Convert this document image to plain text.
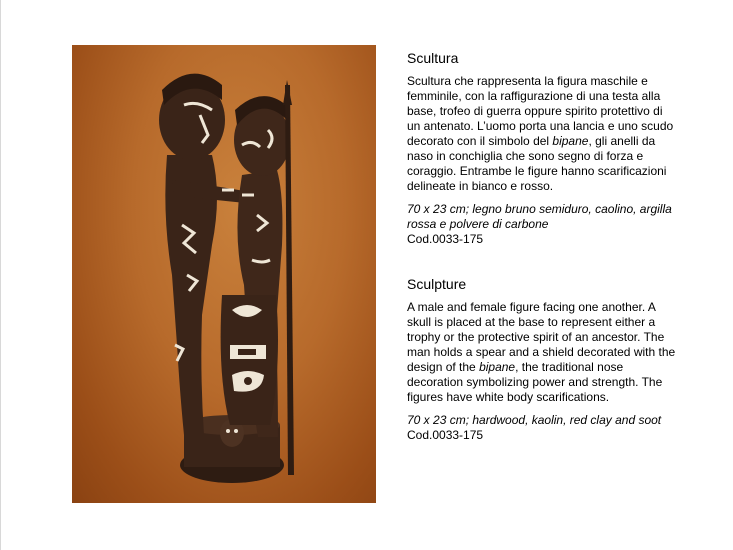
Scultura

Scultura che rappresenta la figura maschile e femminile, con la raffigurazione di una testa alla base, trofeo di guerra oppure spirito protettivo di un antenato. L’uomo porta una lancia e uno scudo decorato con il simbolo del bipane, gli anelli da naso in conchiglia che sono segno di forza e coraggio. Entrambe le figure hanno scarificazioni delineate in bianco e rosso.

70 x 23 cm; legno bruno semiduro, caolino, argilla rossa e polvere di carbone
Cod.0033-175

Sculpture

A male and female figure facing one another. A skull is placed at the base to represent either a trophy or the protective spirit of an ancestor. The man holds a spear and a shield decorated with the design of the bipane, the traditional nose decoration symbolizing power and strength. The figures have white body scarifications.

70 x 23 cm; hardwood, kaolin, red clay and soot
Cod.0033-175
